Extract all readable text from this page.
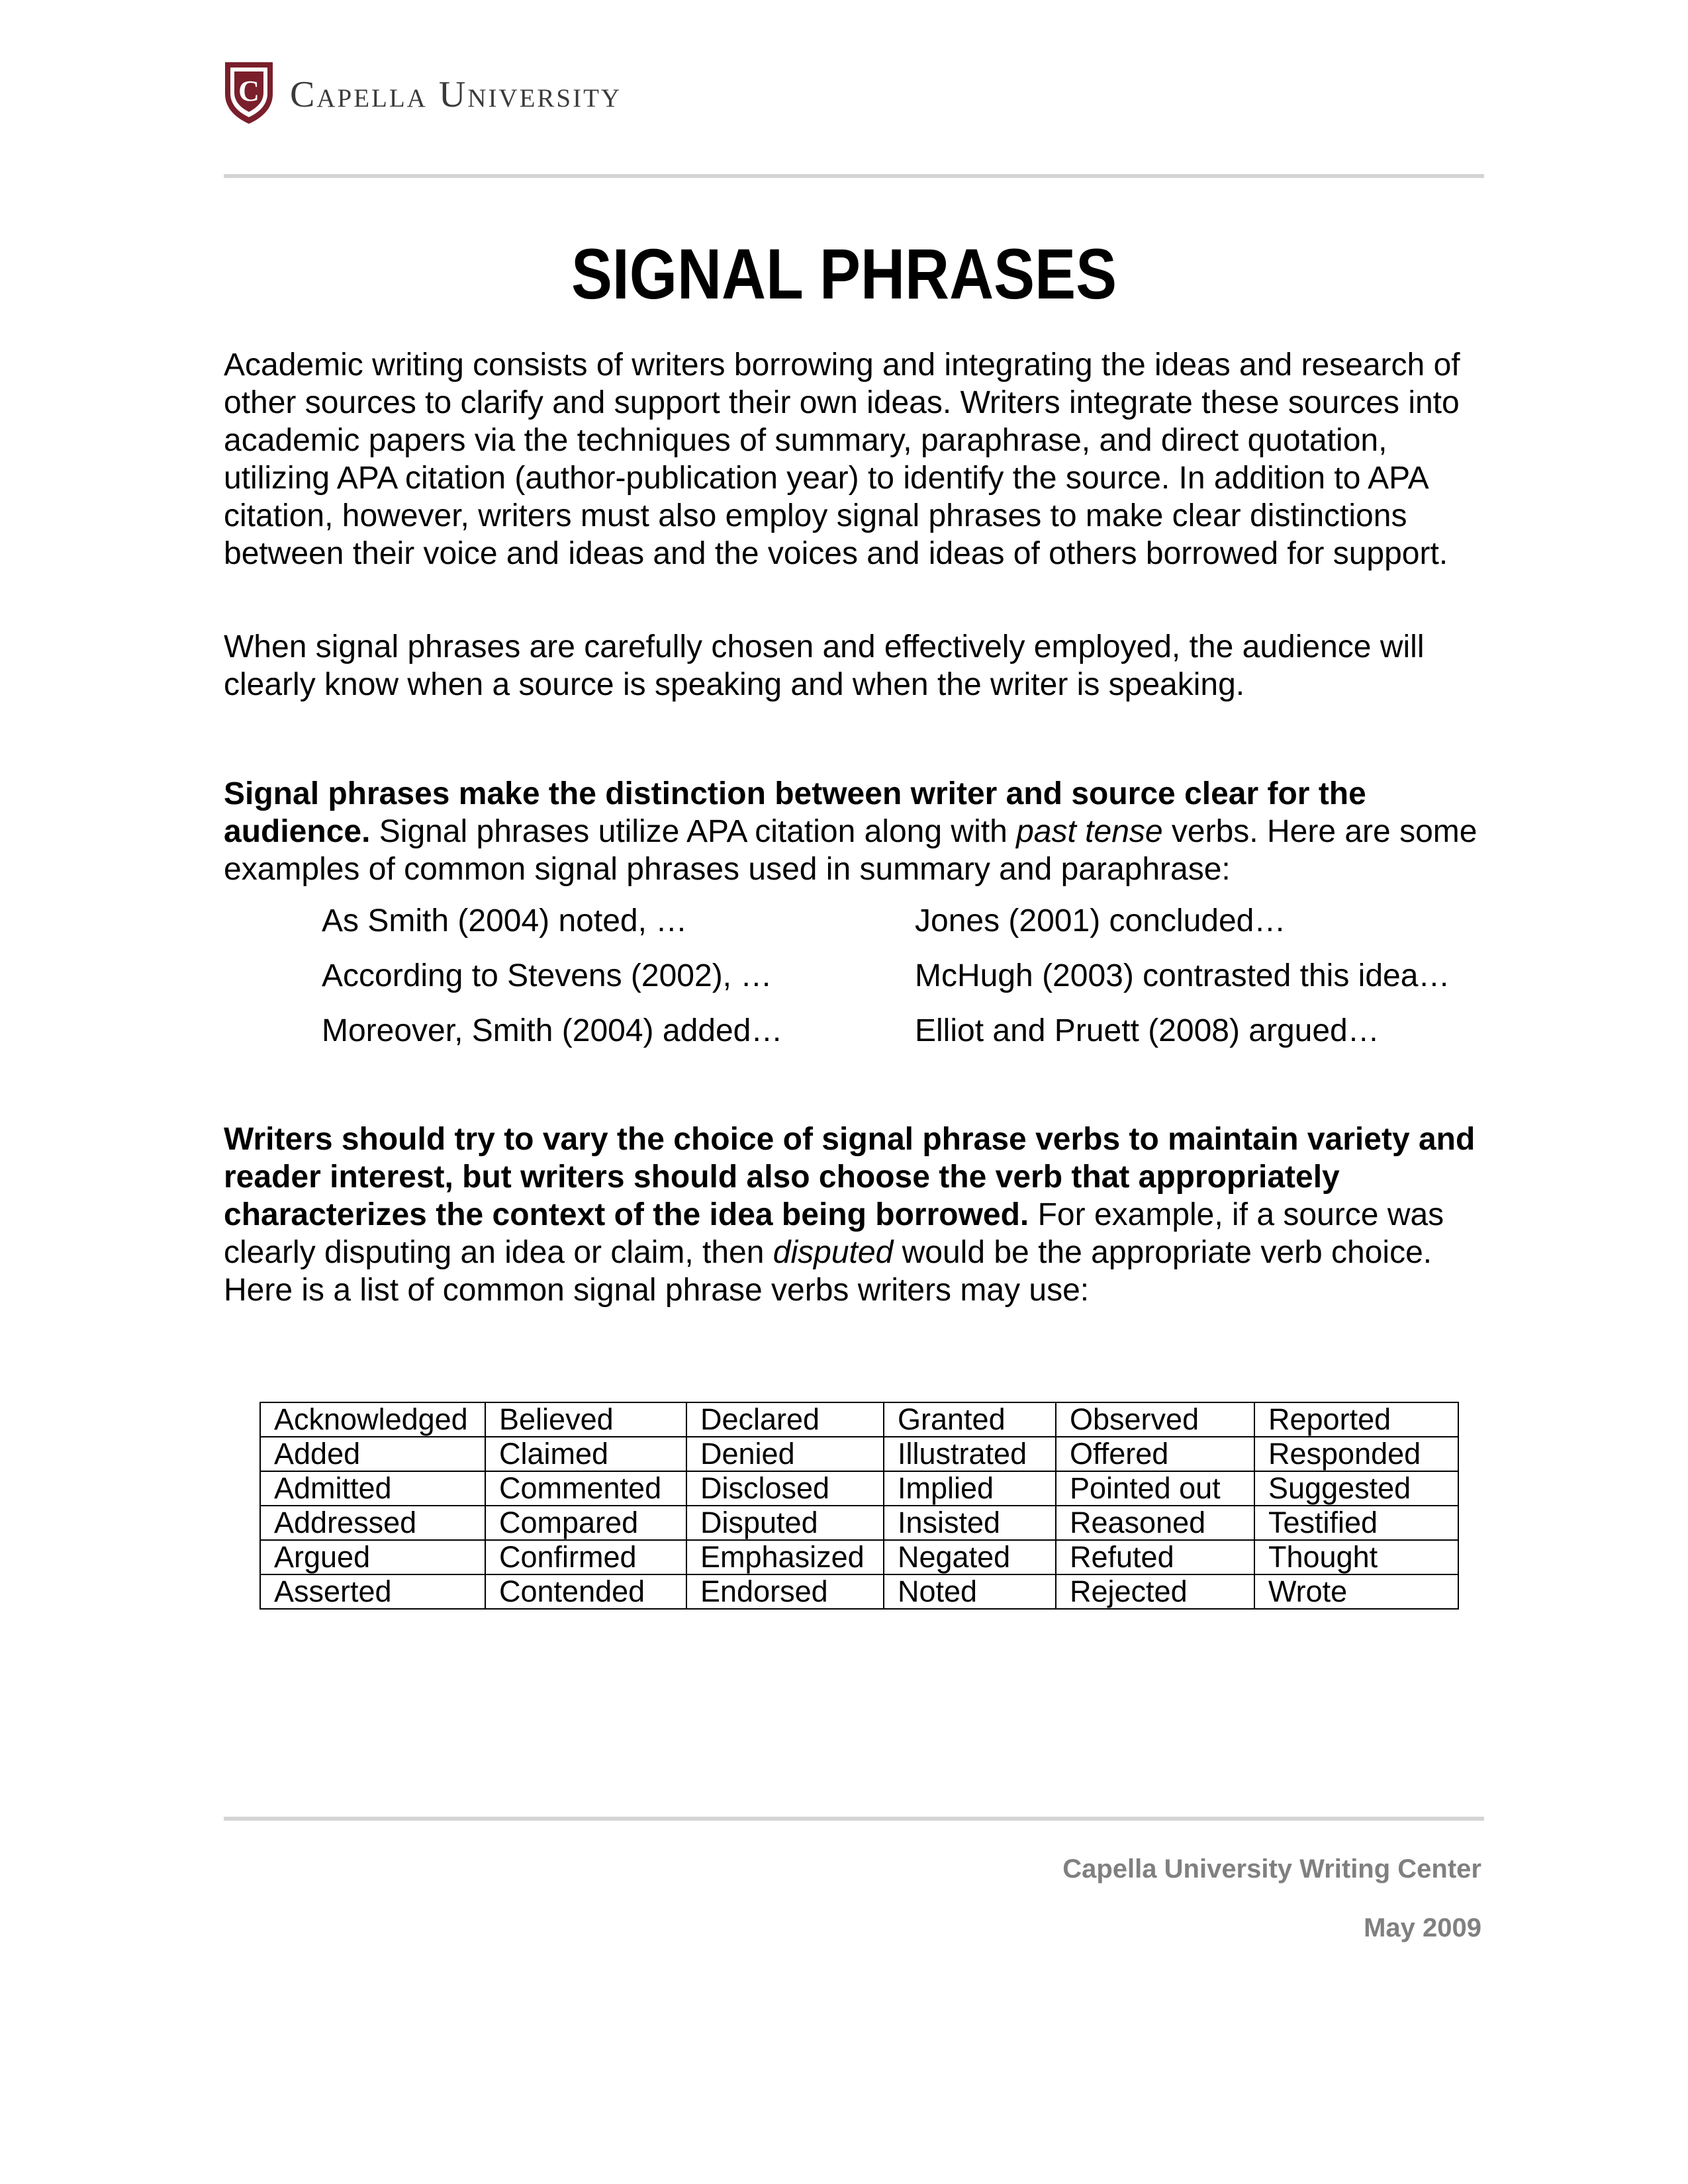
C Capella University
SIGNAL PHRASES

Academic writing consists of writers borrowing and integrating the ideas and research of other sources to clarify and support their own ideas. Writers integrate these sources into academic papers via the techniques of summary, paraphrase, and direct quotation, utilizing APA citation (author-publication year) to identify the source. In addition to APA citation, however, writers must also employ signal phrases to make clear distinctions between their voice and ideas and the voices and ideas of others borrowed for support.

When signal phrases are carefully chosen and effectively employed, the audience will clearly know when a source is speaking and when the writer is speaking.

Signal phrases make the distinction between writer and source clear for the audience. Signal phrases utilize APA citation along with past tense verbs. Here are some examples of common signal phrases used in summary and paraphrase:

As Smith (2004) noted, …	Jones (2001) concluded…
According to Stevens (2002), …	McHugh (2003) contrasted this idea…
Moreover, Smith (2004) added…	Elliot and Pruett (2008) argued…

Writers should try to vary the choice of signal phrase verbs to maintain variety and reader interest, but writers should also choose the verb that appropriately characterizes the context of the idea being borrowed. For example, if a source was clearly disputing an idea or claim, then disputed would be the appropriate verb choice. Here is a list of common signal phrase verbs writers may use:

Acknowledged	Believed	Declared	Granted	Observed	Reported
Added	Claimed	Denied	Illustrated	Offered	Responded
Admitted	Commented	Disclosed	Implied	Pointed out	Suggested
Addressed	Compared	Disputed	Insisted	Reasoned	Testified
Argued	Confirmed	Emphasized	Negated	Refuted	Thought
Asserted	Contended	Endorsed	Noted	Rejected	Wrote
Capella University Writing Center
May 2009
